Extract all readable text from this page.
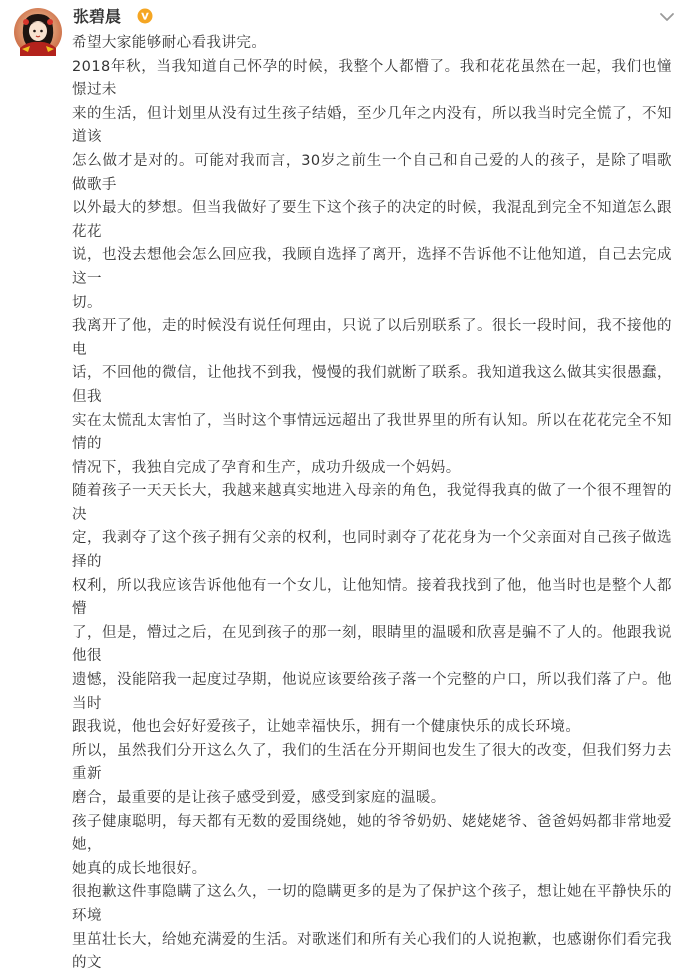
张碧晨

希望大家能够耐心看我讲完。

2018年秋，当我知道自己怀孕的时候，我整个人都懵了。我和花花虽然在一起，我们也憧憬过未
来的生活，但计划里从没有过生孩子结婚，至少几年之内没有，所以我当时完全慌了，不知道该
怎么做才是对的。可能对我而言，30岁之前生一个自己和自己爱的人的孩子，是除了唱歌做歌手
以外最大的梦想。但当我做好了要生下这个孩子的决定的时候，我混乱到完全不知道怎么跟花花
说，也没去想他会怎么回应我，我顾自选择了离开，选择不告诉他不让他知道，自己去完成这一
切。

我离开了他，走的时候没有说任何理由，只说了以后别联系了。很长一段时间，我不接他的电
话，不回他的微信，让他找不到我，慢慢的我们就断了联系。我知道我这么做其实很愚蠢，但我
实在太慌乱太害怕了，当时这个事情远远超出了我世界里的所有认知。所以在花花完全不知情的
情况下，我独自完成了孕育和生产，成功升级成一个妈妈。

随着孩子一天天长大，我越来越真实地进入母亲的角色，我觉得我真的做了一个很不理智的决
定，我剥夺了这个孩子拥有父亲的权利，也同时剥夺了花花身为一个父亲面对自己孩子做选择的
权利，所以我应该告诉他他有一个女儿，让他知情。接着我找到了他，他当时也是整个人都懵
了，但是，懵过之后，在见到孩子的那一刻，眼睛里的温暖和欣喜是骗不了人的。他跟我说他很
遗憾，没能陪我一起度过孕期，他说应该要给孩子落一个完整的户口，所以我们落了户。他当时
跟我说，他也会好好爱孩子，让她幸福快乐，拥有一个健康快乐的成长环境。

所以，虽然我们分开这么久了，我们的生活在分开期间也发生了很大的改变，但我们努力去重新
磨合，最重要的是让孩子感受到爱，感受到家庭的温暖。

孩子健康聪明，每天都有无数的爱围绕她，她的爷爷奶奶、姥姥姥爷、爸爸妈妈都非常地爱她，
她真的成长地很好。

很抱歉这件事隐瞒了这么久，一切的隐瞒更多的是为了保护这个孩子，想让她在平静快乐的环境
里茁壮长大，给她充满爱的生活。对歌迷们和所有关心我们的人说抱歉，也感谢你们看完我的文
